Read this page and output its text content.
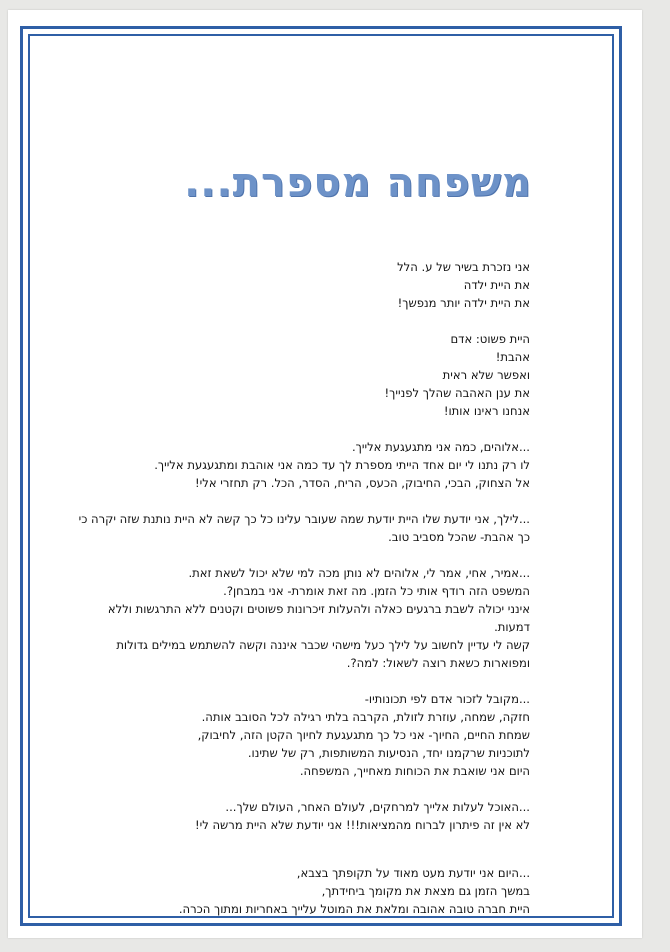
משפחה מספרת...

אני נזכרת בשיר של ע. הלל
את היית ילדה
את היית ילדה יותר מנפשך!

היית פשוט: אדם
אהבת!
ואפשר שלא ראית
את ענן האהבה שהלך לפנייך!
אנחנו ראינו אותו!

...אלוהים, כמה אני מתגעגעת אלייך.
לו רק נתנו לי יום אחד הייתי מספרת לך עד כמה אני אוהבת ומתגעגעת אלייך.
אל הצחוק, הבכי, החיבוק, הכעס, הריח, הסדר, הכל. רק תחזרי אלי!

...לילך, אני יודעת שלו היית יודעת שמה שעובר עלינו כל כך קשה לא היית נותנת שזה יקרה כי כך אהבת- שהכל מסביב טוב.

...אמיר, אחי, אמר לי, אלוהים לא נותן מכה למי שלא יכול לשאת זאת.
המשפט הזה רודף אותי כל הזמן. מה זאת אומרת- אני במבחן?.
אינני יכולה לשבת ברגעים כאלה ולהעלות זיכרונות פשוטים וקטנים ללא התרגשות וללא דמעות.
קשה לי עדיין לחשוב על לילך כעל מישהי שכבר איננה וקשה להשתמש במילים גדולות ומפוארות כשאת רוצה לשאול: למה?.

...מקובל לזכור אדם לפי תכונותיו-
חזקה, שמחה, עוזרת לזולת, הקרבה בלתי רגילה לכל הסובב אותה.
שמחת החיים, החיוך- אני כל כך מתגעגעת לחיוך הקטן הזה, לחיבוק,
לתוכניות שרקמנו יחד, הנסיעות המשותפות, רק של שתינו.
היום אני שואבת את הכוחות מאחייך, המשפחה.

...האוכל לעלות אלייך למרחקים, לעולם האחר, העולם שלך...
לא אין זה פיתרון לברוח מהמציאות!!! אני יודעת שלא היית מרשה לי!

...היום אני יודעת מעט מאוד על תקופתך בצבא,
במשך הזמן גם מצאת את מקומך ביחידתך,
היית חברה טובה אהובה ומלאת את המוטל עלייך באחריות ומתוך הכרה.
